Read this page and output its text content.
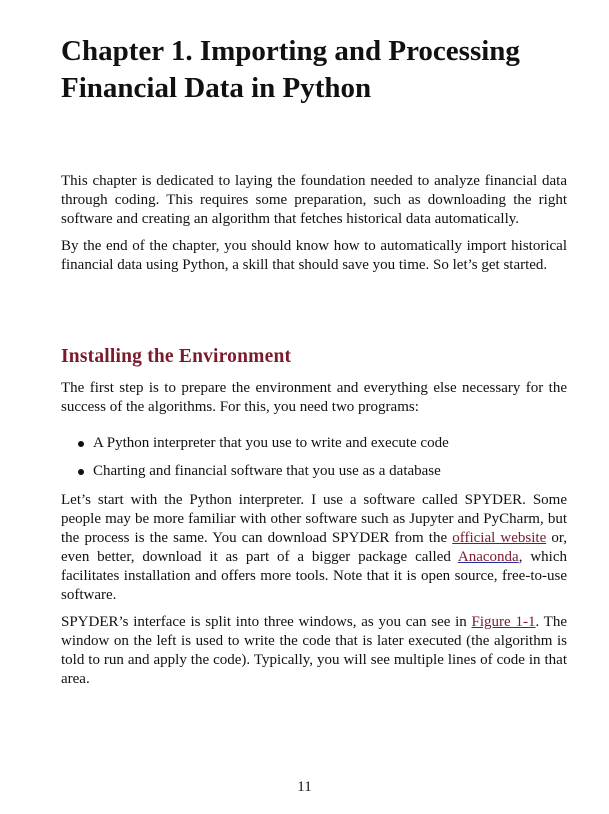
Chapter 1. Importing and Processing Financial Data in Python

This chapter is dedicated to laying the foundation needed to analyze financial data through coding. This requires some preparation, such as downloading the right software and creating an algorithm that fetches historical data automatically.

By the end of the chapter, you should know how to automatically import historical financial data using Python, a skill that should save you time. So let’s get started.

Installing the Environment

The first step is to prepare the environment and everything else necessary for the success of the algorithms. For this, you need two programs:

A Python interpreter that you use to write and execute code
Charting and financial software that you use as a database

Let’s start with the Python interpreter. I use a software called SPYDER. Some people may be more familiar with other software such as Jupyter and PyCharm, but the process is the same. You can download SPYDER from the official website or, even better, download it as part of a bigger package called Anaconda, which facilitates installation and offers more tools. Note that it is open source, free-to-use software.

SPYDER’s interface is split into three windows, as you can see in Figure 1-1. The window on the left is used to write the code that is later executed (the algorithm is told to run and apply the code). Typically, you will see multiple lines of code in that area.

11
